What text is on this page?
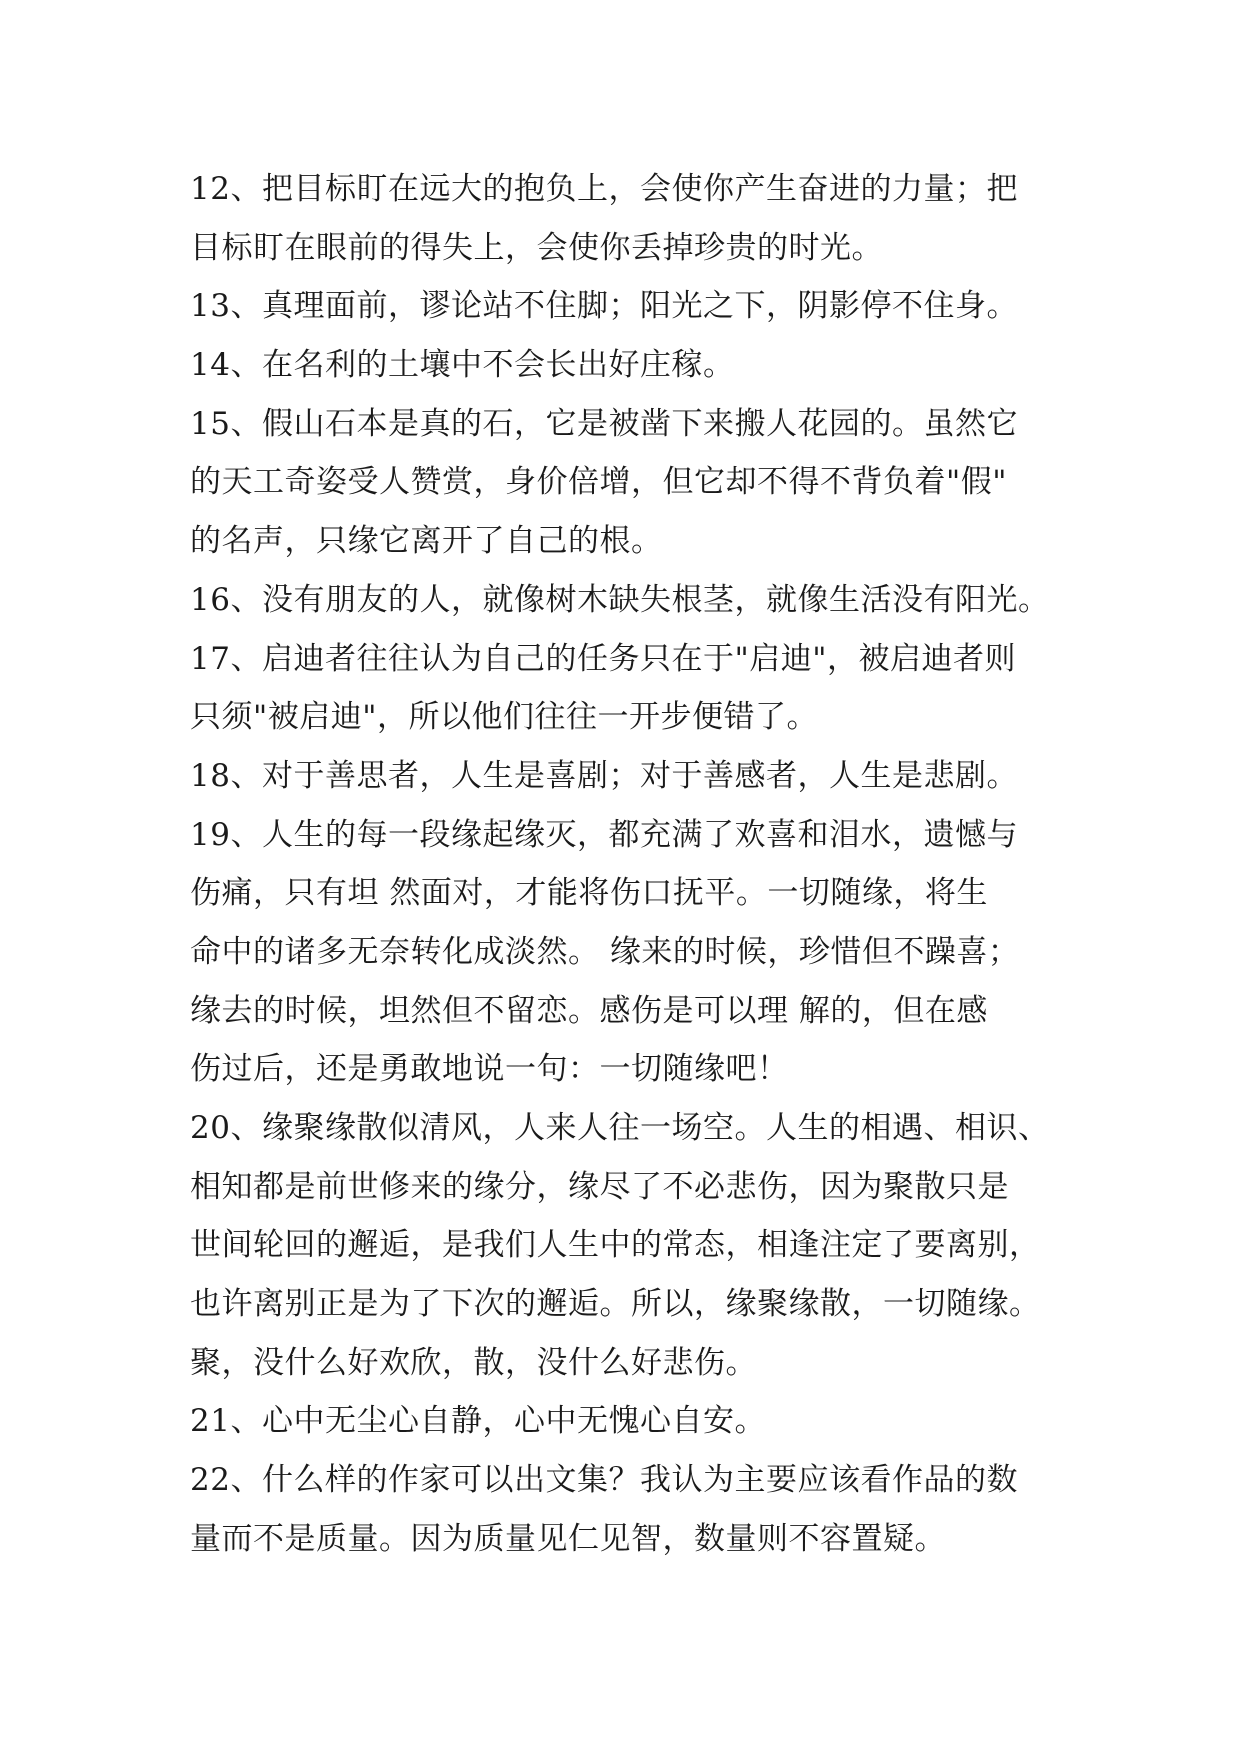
12、把目标盯在远大的抱负上，会使你产生奋进的力量；把
目标盯在眼前的得失上，会使你丢掉珍贵的时光。
13、真理面前，谬论站不住脚；阳光之下，阴影停不住身。
14、在名利的土壤中不会长出好庄稼。
15、假山石本是真的石，它是被凿下来搬人花园的。虽然它
的天工奇姿受人赞赏，身价倍增，但它却不得不背负着"假"
的名声，只缘它离开了自己的根。
16、没有朋友的人，就像树木缺失根茎，就像生活没有阳光。
17、启迪者往往认为自己的任务只在于"启迪"，被启迪者则
只须"被启迪"，所以他们往往一开步便错了。
18、对于善思者，人生是喜剧；对于善感者，人生是悲剧。
19、人生的每一段缘起缘灭，都充满了欢喜和泪水，遗憾与
伤痛，只有坦 然面对，才能将伤口抚平。一切随缘，将生
命中的诸多无奈转化成淡然。 缘来的时候，珍惜但不躁喜；
缘去的时候，坦然但不留恋。感伤是可以理 解的，但在感
伤过后，还是勇敢地说一句：一切随缘吧！
20、缘聚缘散似清风，人来人往一场空。人生的相遇、相识、
相知都是前世修来的缘分，缘尽了不必悲伤，因为聚散只是
世间轮回的邂逅，是我们人生中的常态，相逢注定了要离别，
也许离别正是为了下次的邂逅。所以，缘聚缘散，一切随缘。
聚，没什么好欢欣，散，没什么好悲伤。
21、心中无尘心自静，心中无愧心自安。
22、什么样的作家可以出文集？我认为主要应该看作品的数
量而不是质量。因为质量见仁见智，数量则不容置疑。
